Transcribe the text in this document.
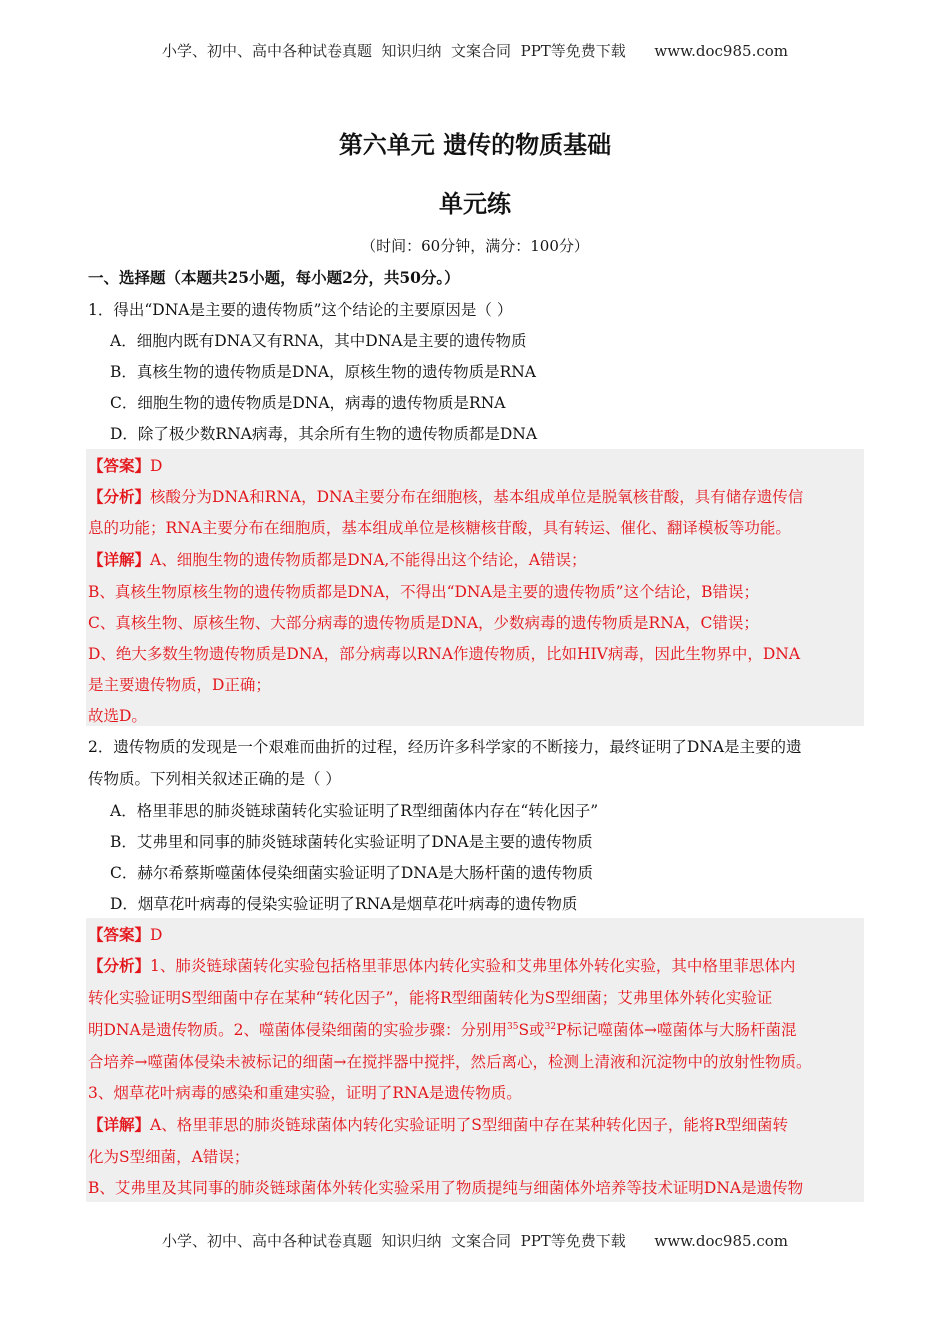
小学、初中、高中各种试卷真题  知识归纳  文案合同  PPT等免费下载      www.doc985.com
第六单元 遗传的物质基础
单元练
（时间：60分钟，满分：100分）
一、选择题（本题共25小题，每小题2分，共50分。）
1．得出“DNA是主要的遗传物质”这个结论的主要原因是（ ）
A．细胞内既有DNA又有RNA，其中DNA是主要的遗传物质
B．真核生物的遗传物质是DNA，原核生物的遗传物质是RNA
C．细胞生物的遗传物质是DNA，病毒的遗传物质是RNA
D．除了极少数RNA病毒，其余所有生物的遗传物质都是DNA
【答案】D
【分析】核酸分为DNA和RNA，DNA主要分布在细胞核，基本组成单位是脱氧核苷酸，具有储存遗传信
息的功能；RNA主要分布在细胞质，基本组成单位是核糖核苷酸，具有转运、催化、翻译模板等功能。
【详解】A、细胞生物的遗传物质都是DNA,不能得出这个结论，A错误；
B、真核生物原核生物的遗传物质都是DNA，不得出“DNA是主要的遗传物质”这个结论，B错误；
C、真核生物、原核生物、大部分病毒的遗传物质是DNA，少数病毒的遗传物质是RNA，C错误；
D、绝大多数生物遗传物质是DNA，部分病毒以RNA作遗传物质，比如HIV病毒，因此生物界中，DNA
是主要遗传物质，D正确；
故选D。
2．遗传物质的发现是一个艰难而曲折的过程，经历许多科学家的不断接力，最终证明了DNA是主要的遗
传物质。下列相关叙述正确的是（ ）
A．格里菲思的肺炎链球菌转化实验证明了R型细菌体内存在“转化因子”
B．艾弗里和同事的肺炎链球菌转化实验证明了DNA是主要的遗传物质
C．赫尔希蔡斯噬菌体侵染细菌实验证明了DNA是大肠杆菌的遗传物质
D．烟草花叶病毒的侵染实验证明了RNA是烟草花叶病毒的遗传物质
【答案】D
【分析】1、肺炎链球菌转化实验包括格里菲思体内转化实验和艾弗里体外转化实验，其中格里菲思体内
转化实验证明S型细菌中存在某种“转化因子”，能将R型细菌转化为S型细菌；艾弗里体外转化实验证
明DNA是遗传物质。2、噬菌体侵染细菌的实验步骤：分别用$^{35}$S或$^{32}$P标记噬菌体→噬菌体与大肠杆菌混
合培养→噬菌体侵染未被标记的细菌→在搅拌器中搅拌，然后离心，检测上清液和沉淀物中的放射性物质。
3、烟草花叶病毒的感染和重建实验，证明了RNA是遗传物质。
【详解】A、格里菲思的肺炎链球菌体内转化实验证明了S型细菌中存在某种转化因子，能将R型细菌转
化为S型细菌，A错误；
B、艾弗里及其同事的肺炎链球菌体外转化实验采用了物质提纯与细菌体外培养等技术证明DNA是遗传物
小学、初中、高中各种试卷真题  知识归纳  文案合同  PPT等免费下载      www.doc985.com
